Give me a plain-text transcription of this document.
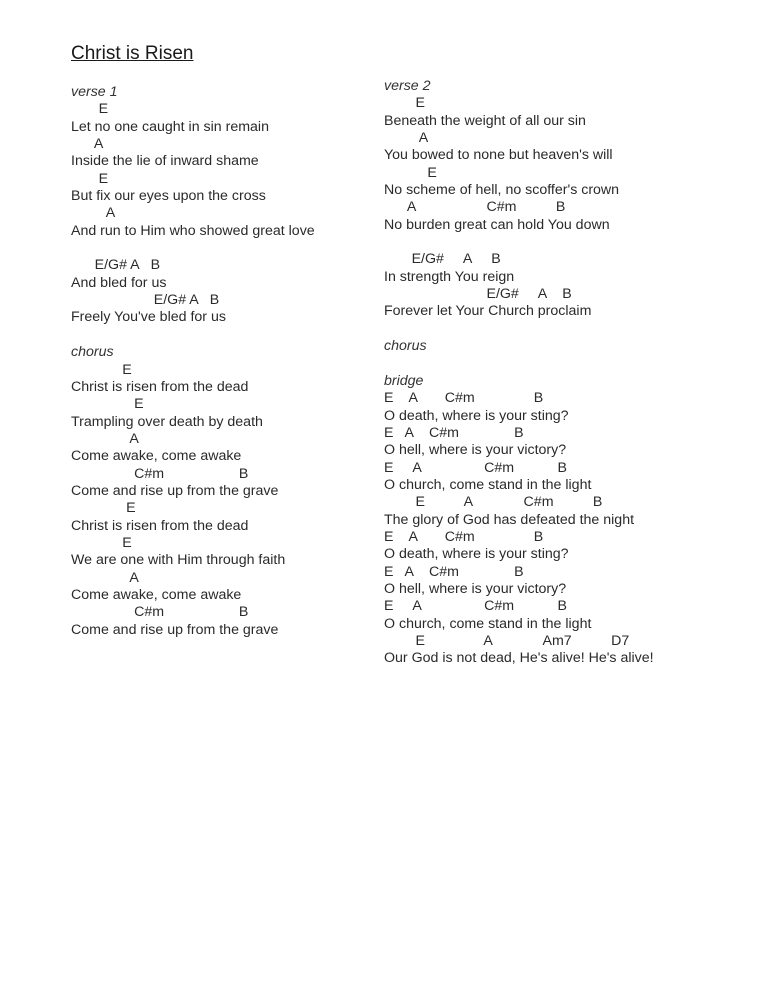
Christ is Risen
verse 1
E
Let no one caught in sin remain
A
Inside the lie of inward shame
E
But fix our eyes upon the cross
A
And run to Him who showed great love
E/G# A   B
And bled for us
E/G# A   B
Freely You've bled for us
chorus
E
Christ is risen from the dead
E
Trampling over death by death
A
Come awake, come awake
C#m                   B
Come and rise up from the grave
E
Christ is risen from the dead
E
We are one with Him through faith
A
Come awake, come awake
C#m                   B
Come and rise up from the grave
verse 2
E
Beneath the weight of all our sin
A
You bowed to none but heaven's will
E
No scheme of hell, no scoffer's crown
A                  C#m          B
No burden great can hold You down
E/G#     A     B
In strength You reign
E/G#     A    B
Forever let Your Church proclaim
chorus
bridge
E    A       C#m               B
O death, where is your sting?
E   A    C#m              B
O hell, where is your victory?
E     A                C#m           B
O church, come stand in the light
E          A             C#m          B
The glory of God has defeated the night
E    A       C#m               B
O death, where is your sting?
E   A    C#m              B
O hell, where is your victory?
E     A                C#m           B
O church, come stand in the light
E               A             Am7          D7
Our God is not dead, He's alive! He's alive!
